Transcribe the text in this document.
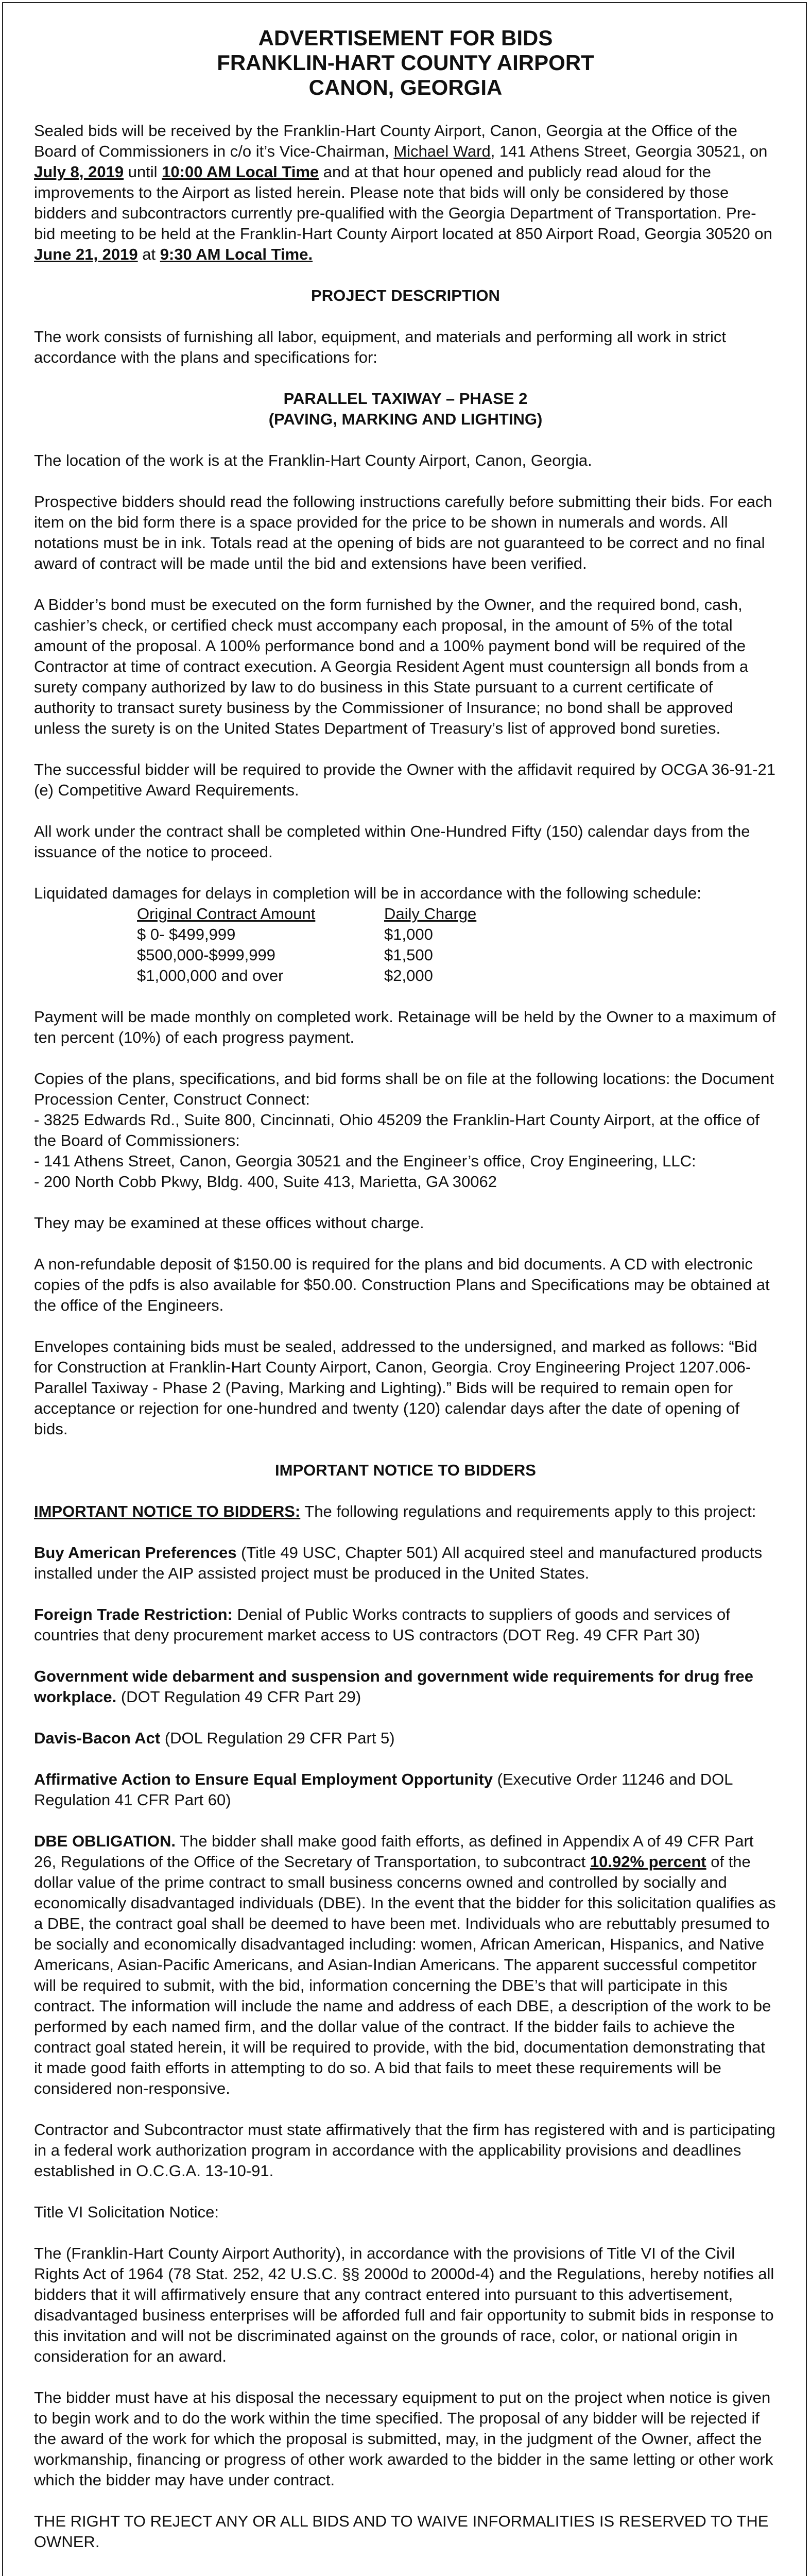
ADVERTISEMENT FOR BIDS
FRANKLIN-HART COUNTY AIRPORT
CANON, GEORGIA

Sealed bids will be received by the Franklin-Hart County Airport, Canon, Georgia at the Office of the Board of Commissioners in c/o it’s Vice-Chairman, Michael Ward, 141 Athens Street, Georgia 30521, on July 8, 2019 until 10:00 AM Local Time and at that hour opened and publicly read aloud for the improvements to the Airport as listed herein. Please note that bids will only be considered by those bidders and subcontractors currently pre-qualified with the Georgia Department of Transportation. Pre-bid meeting to be held at the Franklin-Hart County Airport located at 850 Airport Road, Georgia 30520 on June 21, 2019 at 9:30 AM Local Time.

PROJECT DESCRIPTION

The work consists of furnishing all labor, equipment, and materials and performing all work in strict accordance with the plans and specifications for:

PARALLEL TAXIWAY – PHASE 2
(PAVING, MARKING AND LIGHTING)

The location of the work is at the Franklin-Hart County Airport, Canon, Georgia.

Prospective bidders should read the following instructions carefully before submitting their bids. For each item on the bid form there is a space provided for the price to be shown in numerals and words. All notations must be in ink. Totals read at the opening of bids are not guaranteed to be correct and no final award of contract will be made until the bid and extensions have been verified.

A Bidder’s bond must be executed on the form furnished by the Owner, and the required bond, cash, cashier’s check, or certified check must accompany each proposal, in the amount of 5% of the total amount of the proposal. A 100% performance bond and a 100% payment bond will be required of the Contractor at time of contract execution. A Georgia Resident Agent must countersign all bonds from a surety company authorized by law to do business in this State pursuant to a current certificate of authority to transact surety business by the Commissioner of Insurance; no bond shall be approved unless the surety is on the United States Department of Treasury’s list of approved bond sureties.

The successful bidder will be required to provide the Owner with the affidavit required by OCGA 36-91-21 (e) Competitive Award Requirements.

All work under the contract shall be completed within One-Hundred Fifty (150) calendar days from the issuance of the notice to proceed.

Liquidated damages for delays in completion will be in accordance with the following schedule:

Original Contract Amount	Daily Charge
$ 0- $499,999	$1,000
$500,000-$999,999	$1,500
$1,000,000 and over	$2,000

Payment will be made monthly on completed work. Retainage will be held by the Owner to a maximum of ten percent (10%) of each progress payment.

Copies of the plans, specifications, and bid forms shall be on file at the following locations: the Document Procession Center, Construct Connect:
- 3825 Edwards Rd., Suite 800, Cincinnati, Ohio 45209 the Franklin-Hart County Airport, at the office of the Board of Commissioners:
- 141 Athens Street, Canon, Georgia 30521 and the Engineer’s office, Croy Engineering, LLC:
- 200 North Cobb Pkwy, Bldg. 400, Suite 413, Marietta, GA 30062

They may be examined at these offices without charge.

A non-refundable deposit of $150.00 is required for the plans and bid documents. A CD with electronic copies of the pdfs is also available for $50.00. Construction Plans and Specifications may be obtained at the office of the Engineers.

Envelopes containing bids must be sealed, addressed to the undersigned, and marked as follows: “Bid for Construction at Franklin-Hart County Airport, Canon, Georgia. Croy Engineering Project 1207.006- Parallel Taxiway - Phase 2 (Paving, Marking and Lighting).” Bids will be required to remain open for acceptance or rejection for one-hundred and twenty (120) calendar days after the date of opening of bids.

IMPORTANT NOTICE TO BIDDERS

IMPORTANT NOTICE TO BIDDERS: The following regulations and requirements apply to this project:

Buy American Preferences (Title 49 USC, Chapter 501) All acquired steel and manufactured products installed under the AIP assisted project must be produced in the United States.

Foreign Trade Restriction: Denial of Public Works contracts to suppliers of goods and services of countries that deny procurement market access to US contractors (DOT Reg. 49 CFR Part 30)

Government wide debarment and suspension and government wide requirements for drug free workplace. (DOT Regulation 49 CFR Part 29)

Davis-Bacon Act (DOL Regulation 29 CFR Part 5)

Affirmative Action to Ensure Equal Employment Opportunity (Executive Order 11246 and DOL Regulation 41 CFR Part 60)

DBE OBLIGATION. The bidder shall make good faith efforts, as defined in Appendix A of 49 CFR Part 26, Regulations of the Office of the Secretary of Transportation, to subcontract 10.92% percent of the dollar value of the prime contract to small business concerns owned and controlled by socially and economically disadvantaged individuals (DBE). In the event that the bidder for this solicitation qualifies as a DBE, the contract goal shall be deemed to have been met. Individuals who are rebuttably presumed to be socially and economically disadvantaged including: women, African American, Hispanics, and Native Americans, Asian-Pacific Americans, and Asian-Indian Americans. The apparent successful competitor will be required to submit, with the bid, information concerning the DBE’s that will participate in this contract. The information will include the name and address of each DBE, a description of the work to be performed by each named firm, and the dollar value of the contract. If the bidder fails to achieve the contract goal stated herein, it will be required to provide, with the bid, documentation demonstrating that it made good faith efforts in attempting to do so. A bid that fails to meet these requirements will be considered non-responsive.

Contractor and Subcontractor must state affirmatively that the firm has registered with and is participating in a federal work authorization program in accordance with the applicability provisions and deadlines established in O.C.G.A. 13-10-91.

Title VI Solicitation Notice:

The (Franklin-Hart County Airport Authority), in accordance with the provisions of Title VI of the Civil Rights Act of 1964 (78 Stat. 252, 42 U.S.C. §§ 2000d to 2000d-4) and the Regulations, hereby notifies all bidders that it will affirmatively ensure that any contract entered into pursuant to this advertisement, disadvantaged business enterprises will be afforded full and fair opportunity to submit bids in response to this invitation and will not be discriminated against on the grounds of race, color, or national origin in consideration for an award.

The bidder must have at his disposal the necessary equipment to put on the project when notice is given to begin work and to do the work within the time specified. The proposal of any bidder will be rejected if the award of the work for which the proposal is submitted, may, in the judgment of the Owner, affect the workmanship, financing or progress of other work awarded to the bidder in the same letting or other work which the bidder may have under contract.

THE RIGHT TO REJECT ANY OR ALL BIDS AND TO WAIVE INFORMALITIES IS RESERVED TO THE OWNER.
